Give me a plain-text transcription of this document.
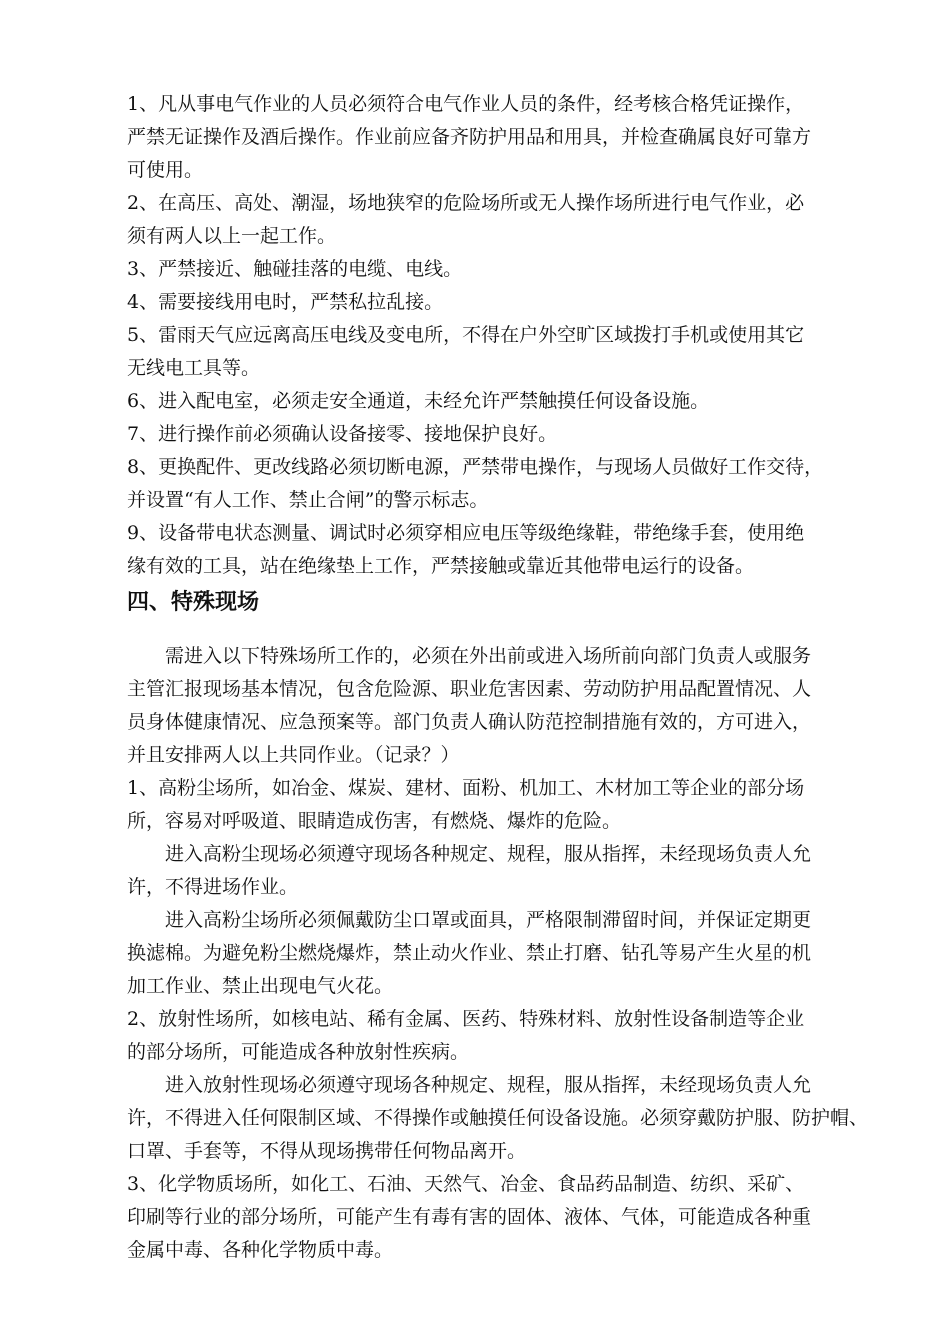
1、凡从事电气作业的人员必须符合电气作业人员的条件，经考核合格凭证操作，
严禁无证操作及酒后操作。作业前应备齐防护用品和用具，并检查确属良好可靠方
可使用。
2、在高压、高处、潮湿，场地狭窄的危险场所或无人操作场所进行电气作业，必
须有两人以上一起工作。
3、严禁接近、触碰挂落的电缆、电线。
4、需要接线用电时，严禁私拉乱接。
5、雷雨天气应远离高压电线及变电所，不得在户外空旷区域拨打手机或使用其它
无线电工具等。
6、进入配电室，必须走安全通道，未经允许严禁触摸任何设备设施。
7、进行操作前必须确认设备接零、接地保护良好。
8、更换配件、更改线路必须切断电源，严禁带电操作，与现场人员做好工作交待，
并设置“有人工作、禁止合闸”的警示标志。
9、设备带电状态测量、调试时必须穿相应电压等级绝缘鞋，带绝缘手套，使用绝
缘有效的工具，站在绝缘垫上工作，严禁接触或靠近其他带电运行的设备。
四、特殊现场
需进入以下特殊场所工作的，必须在外出前或进入场所前向部门负责人或服务
主管汇报现场基本情况，包含危险源、职业危害因素、劳动防护用品配置情况、人
员身体健康情况、应急预案等。部门负责人确认防范控制措施有效的，方可进入，
并且安排两人以上共同作业。（记录？）
1、高粉尘场所，如冶金、煤炭、建材、面粉、机加工、木材加工等企业的部分场
所，容易对呼吸道、眼睛造成伤害，有燃烧、爆炸的危险。
进入高粉尘现场必须遵守现场各种规定、规程，服从指挥，未经现场负责人允
许，不得进场作业。
进入高粉尘场所必须佩戴防尘口罩或面具，严格限制滞留时间，并保证定期更
换滤棉。为避免粉尘燃烧爆炸，禁止动火作业、禁止打磨、钻孔等易产生火星的机
加工作业、禁止出现电气火花。
2、放射性场所，如核电站、稀有金属、医药、特殊材料、放射性设备制造等企业
的部分场所，可能造成各种放射性疾病。
进入放射性现场必须遵守现场各种规定、规程，服从指挥，未经现场负责人允
许，不得进入任何限制区域、不得操作或触摸任何设备设施。必须穿戴防护服、防护帽、
口罩、手套等，不得从现场携带任何物品离开。
3、化学物质场所，如化工、石油、天然气、冶金、食品药品制造、纺织、采矿、
印刷等行业的部分场所，可能产生有毒有害的固体、液体、气体，可能造成各种重
金属中毒、各种化学物质中毒。
